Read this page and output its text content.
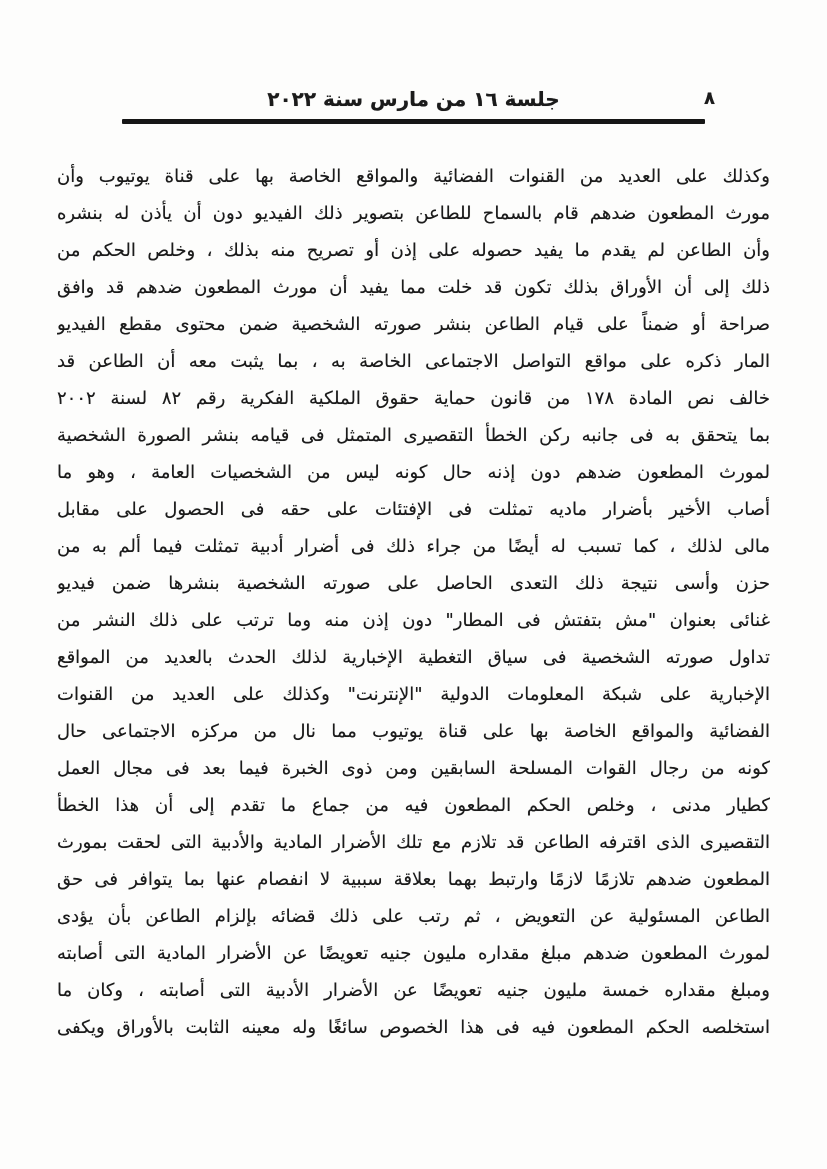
٨
جلسة ١٦ من مارس سنة ٢٠٢٢
وكذلك على العديد من القنوات الفضائية والمواقع الخاصة بها على قناة يوتيوب وأن
مورث المطعون ضدهم قام بالسماح للطاعن بتصوير ذلك الفيديو دون أن يأذن له بنشره
وأن الطاعن لم يقدم ما يفيد حصوله على إذن أو تصريح منه بذلك ، وخلص الحكم من
ذلك إلى أن الأوراق بذلك تكون قد خلت مما يفيد أن مورث المطعون ضدهم قد وافق
صراحة أو ضمناً على قيام الطاعن بنشر صورته الشخصية ضمن محتوى مقطع الفيديو
المار ذكره على مواقع التواصل الاجتماعى الخاصة به ، بما يثبت معه أن الطاعن قد
خالف نص المادة ١٧٨ من قانون حماية حقوق الملكية الفكرية رقم ٨٢ لسنة ٢٠٠٢
بما يتحقق به فى جانبه ركن الخطأ التقصيرى المتمثل فى قيامه بنشر الصورة الشخصية
لمورث المطعون ضدهم دون إذنه حال كونه ليس من الشخصيات العامة ، وهو ما
أصاب الأخير بأضرار ماديه تمثلت فى الإفتئات على حقه فى الحصول على مقابل
مالى لذلك ، كما تسبب له أيضًا من جراء ذلك فى أضرار أدبية تمثلت فيما ألم به من
حزن وأسى نتيجة ذلك التعدى الحاصل على صورته الشخصية بنشرها ضمن فيديو
غنائى بعنوان "مش بتفتش فى المطار" دون إذن منه وما ترتب على ذلك النشر من
تداول صورته الشخصية فى سياق التغطية الإخبارية لذلك الحدث بالعديد من المواقع
الإخبارية على شبكة المعلومات الدولية "الإنترنت" وكذلك على العديد من القنوات
الفضائية والمواقع الخاصة بها على قناة يوتيوب مما نال من مركزه الاجتماعى حال
كونه من رجال القوات المسلحة السابقين ومن ذوى الخبرة فيما بعد فى مجال العمل
كطيار مدنى ، وخلص الحكم المطعون فيه من جماع ما تقدم إلى أن هذا الخطأ
التقصيرى الذى اقترفه الطاعن قد تلازم مع تلك الأضرار المادية والأدبية التى لحقت بمورث
المطعون ضدهم تلازمًا لازمًا وارتبط بهما بعلاقة سببية لا انفصام عنها بما يتوافر فى حق
الطاعن المسئولية عن التعويض ، ثم رتب على ذلك قضائه بإلزام الطاعن بأن يؤدى
لمورث المطعون ضدهم مبلغ مقداره مليون جنيه تعويضًا عن الأضرار المادية التى أصابته
ومبلغ مقداره خمسة مليون جنيه تعويضًا عن الأضرار الأدبية التى أصابته ، وكان ما
استخلصه الحكم المطعون فيه فى هذا الخصوص سائغًا وله معينه الثابت بالأوراق ويكفى
